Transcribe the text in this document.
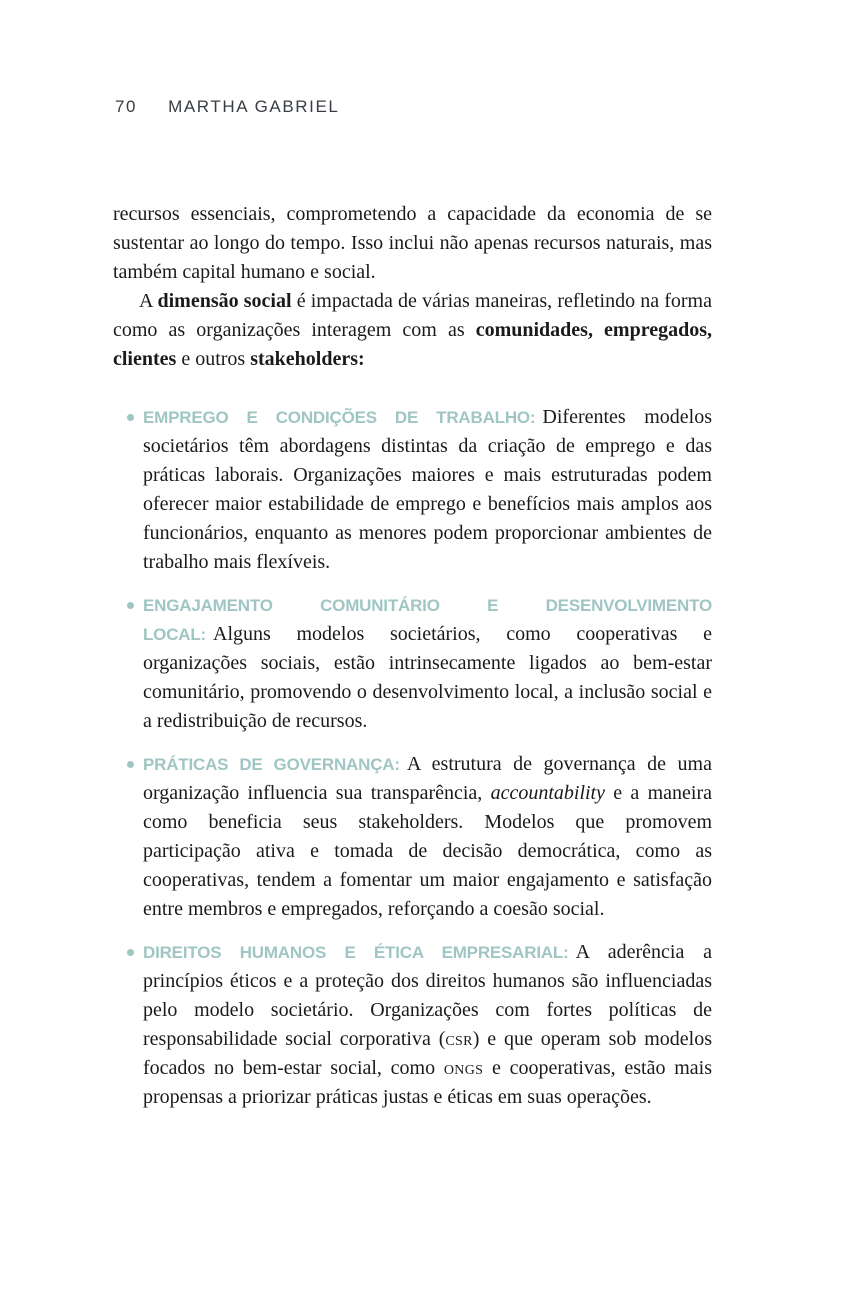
70 MARTHA GABRIEL

recursos essenciais, comprometendo a capacidade da economia de se sustentar ao longo do tempo. Isso inclui não apenas recursos naturais, mas também capital humano e social.

A dimensão social é impactada de várias maneiras, refletindo na forma como as organizações interagem com as comunidades, empregados, clientes e outros stakeholders:

EMPREGO E CONDIÇÕES DE TRABALHO: Diferentes modelos societários têm abordagens distintas da criação de emprego e das práticas laborais. Organizações maiores e mais estruturadas podem oferecer maior estabilidade de emprego e benefícios mais amplos aos funcionários, enquanto as menores podem proporcionar ambientes de trabalho mais flexíveis.

ENGAJAMENTO COMUNITÁRIO E DESENVOLVIMENTO LOCAL: Alguns modelos societários, como cooperativas e organizações sociais, estão intrinsecamente ligados ao bem-estar comunitário, promovendo o desenvolvimento local, a inclusão social e a redistribuição de recursos.

PRÁTICAS DE GOVERNANÇA: A estrutura de governança de uma organização influencia sua transparência, accountability e a maneira como beneficia seus stakeholders. Modelos que promovem participação ativa e tomada de decisão democrática, como as cooperativas, tendem a fomentar um maior engajamento e satisfação entre membros e empregados, reforçando a coesão social.

DIREITOS HUMANOS E ÉTICA EMPRESARIAL: A aderência a princípios éticos e a proteção dos direitos humanos são influenciadas pelo modelo societário. Organizações com fortes políticas de responsabilidade social corporativa (CSR) e que operam sob modelos focados no bem-estar social, como ONGs e cooperativas, estão mais propensas a priorizar práticas justas e éticas em suas operações.
